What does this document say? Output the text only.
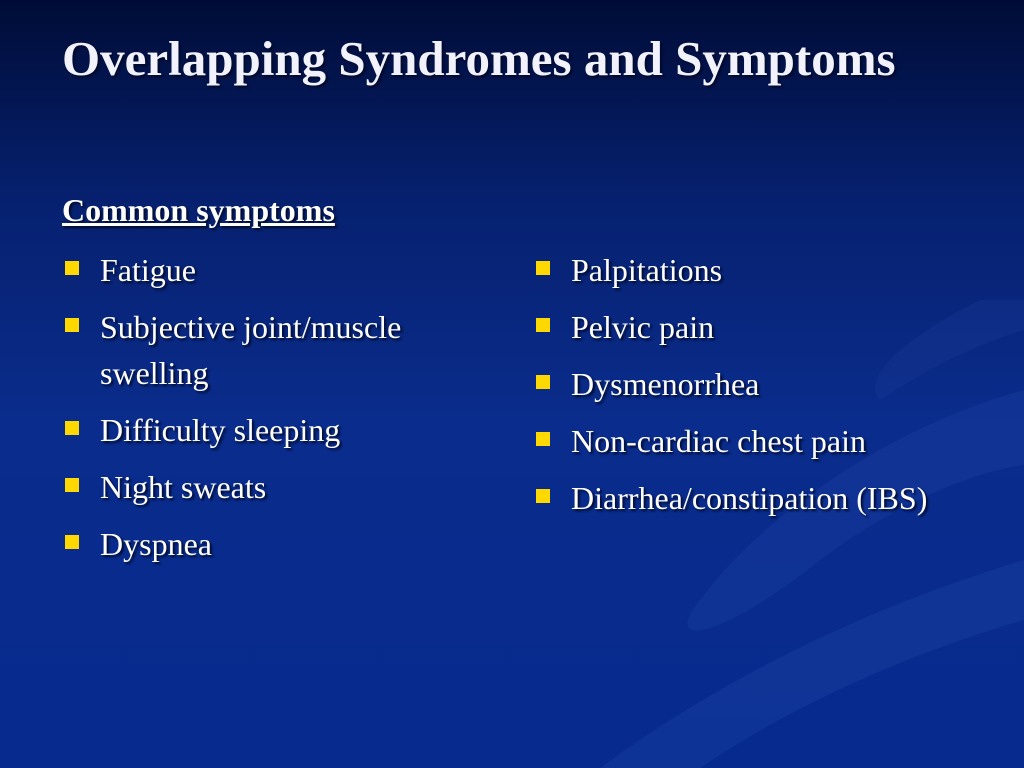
Overlapping Syndromes and Symptoms
Common symptoms
Fatigue
Subjective joint/muscle swelling
Difficulty sleeping
Night sweats
Dyspnea
Palpitations
Pelvic pain
Dysmenorrhea
Non-cardiac chest pain
Diarrhea/constipation (IBS)
